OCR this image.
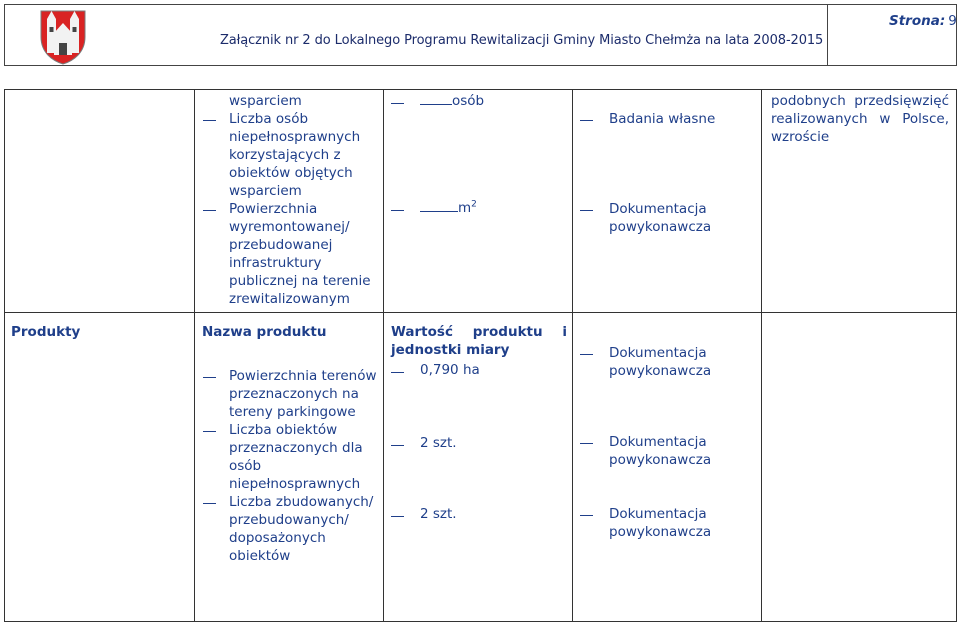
Załącznik nr 2 do Lokalnego Programu Rewitalizacji Gminy Miasto Chełmża na lata 2008-2015
Strona: 9
wsparciem
Liczba osób
niepełnosprawnych
korzystających z
obiektów objętych
wsparciem
Powierzchnia
wyremontowanej/
przebudowanej
infrastruktury
publicznej na terenie
zrewitalizowanym
osób
$m^2$
Badania własne
Dokumentacja
powykonawcza
podobnych przedsięwzięć
realizowanych w Polsce,
wzroście
Produkty	Nazwa produktu
Powierzchnia terenów
przeznaczonych na
tereny parkingowe
Liczba obiektów
przeznaczonych dla
osób
niepełnosprawnych
Liczba zbudowanych/
przebudowanych/
doposażonych
obiektów
Wartość produktu i
jednostki miary
0,790 ha
2 szt.
2 szt.
Dokumentacja
powykonawcza
Dokumentacja
powykonawcza
Dokumentacja
powykonawcza
